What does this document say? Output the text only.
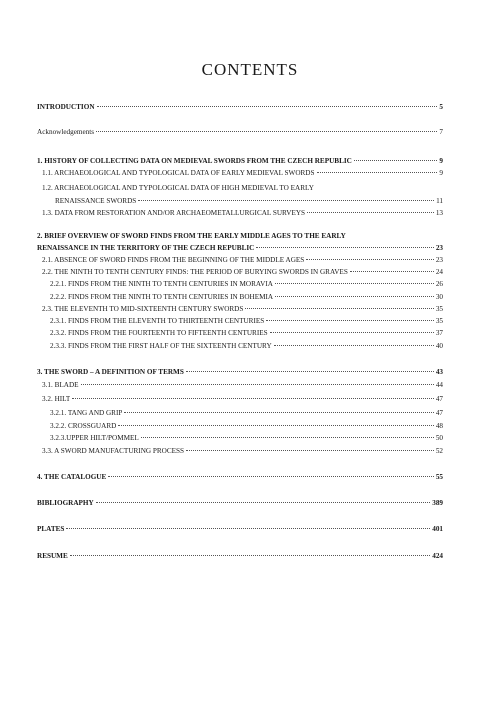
CONTENTS
INTRODUCTION	5
Acknowledgements	7
1. HISTORY OF COLLECTING DATA ON MEDIEVAL SWORDS FROM THE CZECH REPUBLIC	9
1.1. ARCHAEOLOGICAL AND TYPOLOGICAL DATA OF EARLY MEDIEVAL SWORDS	9
1.2. ARCHAEOLOGICAL AND TYPOLOGICAL DATA OF HIGH MEDIEVAL TO EARLY
RENAISSANCE SWORDS	11
1.3. DATA FROM RESTORATION AND/OR ARCHAEOMETALLURGICAL SURVEYS	13
2. BRIEF OVERVIEW OF SWORD FINDS FROM THE EARLY MIDDLE AGES TO THE EARLY
RENAISSANCE IN THE TERRITORY OF THE CZECH REPUBLIC	23
2.1. ABSENCE OF SWORD FINDS FROM THE BEGINNING OF THE MIDDLE AGES	23
2.2. THE NINTH TO TENTH CENTURY FINDS: THE PERIOD OF BURYING SWORDS IN GRAVES	24
2.2.1. FINDS FROM THE NINTH TO TENTH CENTURIES IN MORAVIA	26
2.2.2. FINDS FROM THE NINTH TO TENTH CENTURIES IN BOHEMIA	30
2.3. THE ELEVENTH TO MID-SIXTEENTH CENTURY SWORDS	35
2.3.1. FINDS FROM THE ELEVENTH TO THIRTEENTH CENTURIES	35
2.3.2. FINDS FROM THE FOURTEENTH TO FIFTEENTH CENTURIES	37
2.3.3. FINDS FROM THE FIRST HALF OF THE SIXTEENTH CENTURY	40
3. THE SWORD – A DEFINITION OF TERMS	43
3.1. BLADE	44
3.2. HILT	47
3.2.1. TANG AND GRIP	47
3.2.2. CROSSGUARD	48
3.2.3.UPPER HILT/POMMEL	50
3.3. A SWORD MANUFACTURING PROCESS	52
4. THE CATALOGUE	55
BIBLIOGRAPHY	389
PLATES	401
RESUME	424
